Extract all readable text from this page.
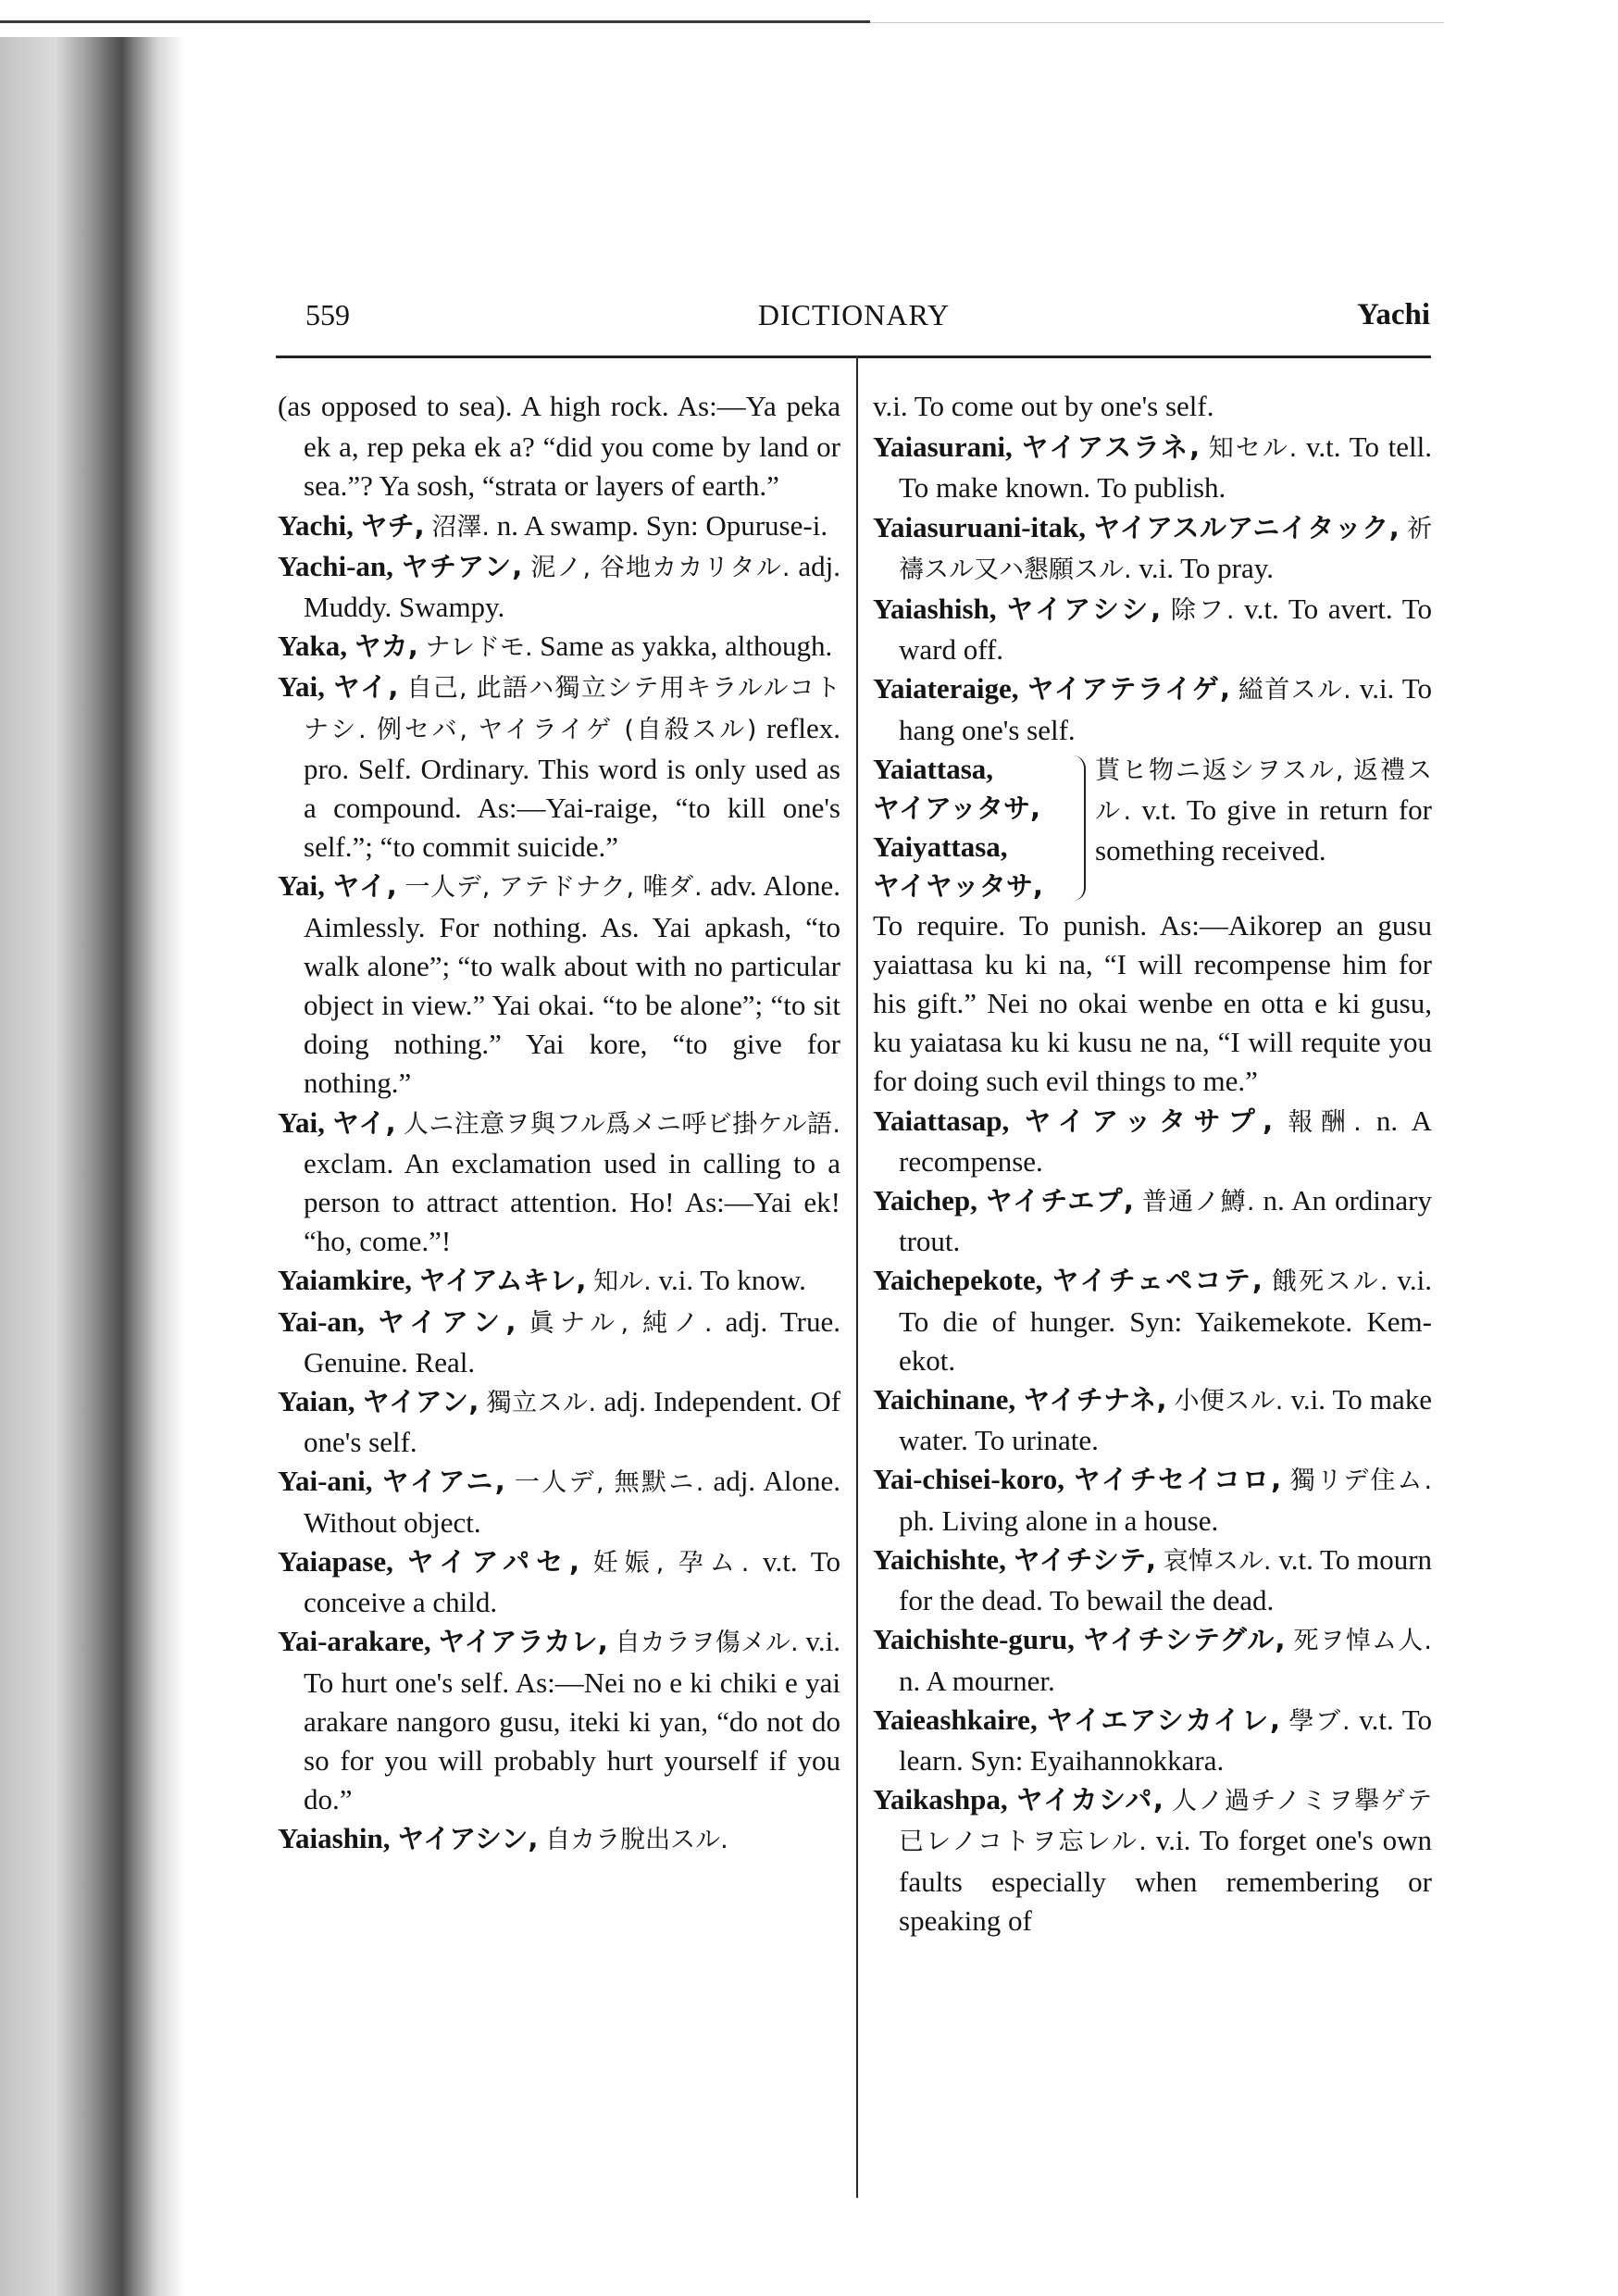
559	DICTIONARY	Yachi

(as opposed to sea). A high rock. As:—Ya peka ek a, rep peka ek a? “did you come by land or sea.”? Ya sosh, “strata or layers of earth.”

Yachi, ヤチ, 沼澤. n. A swamp. Syn: Opuruse-i.

Yachi-an, ヤチアン, 泥ノ, 谷地カカリタル. adj. Muddy. Swampy.

Yaka, ヤカ, ナレドモ. Same as yakka, although.

Yai, ヤイ, 自己, 此語ハ獨立シテ用キラルルコトナシ. 例セバ, ヤイライゲ (自殺スル) reflex. pro. Self. Ordinary. This word is only used as a compound. As:—Yai-raige, “to kill one's self.”; “to commit suicide.”

Yai, ヤイ, 一人デ, アテドナク, 唯ダ. adv. Alone. Aimlessly. For nothing. As. Yai apkash, “to walk alone”; “to walk about with no particular object in view.” Yai okai. “to be alone”; “to sit doing nothing.” Yai kore, “to give for nothing.”

Yai, ヤイ, 人ニ注意ヲ與フル爲メニ呼ビ掛ケル語. exclam. An exclamation used in calling to a person to attract attention. Ho! As:—Yai ek! “ho, come.”!

Yaiamkire, ヤイアムキレ, 知ル. v.i. To know.

Yai-an, ヤイアン, 眞ナル, 純ノ. adj. True. Genuine. Real.

Yaian, ヤイアン, 獨立スル. adj. Independent. Of one's self.

Yai-ani, ヤイアニ, 一人デ, 無默ニ. adj. Alone. Without object.

Yaiapase, ヤイアパセ, 妊娠, 孕ム. v.t. To conceive a child.

Yai-arakare, ヤイアラカレ, 自カラヲ傷メル. v.i. To hurt one's self. As:—Nei no e ki chiki e yai arakare nangoro gusu, iteki ki yan, “do not do so for you will probably hurt yourself if you do.”

Yaiashin, ヤイアシン, 自カラ脫出スル.

v.i. To come out by one's self.

Yaiasurani, ヤイアスラネ, 知セル. v.t. To tell. To make known. To publish.

Yaiasuruani-itak, ヤイアスルアニイタック, 祈禱スル又ハ懇願スル. v.i. To pray.

Yaiashish, ヤイアシシ, 除フ. v.t. To avert. To ward off.

Yaiateraige, ヤイアテライゲ, 縊首スル. v.i. To hang one's self.

Yaiattasa,
ヤイアッタサ,
Yaiyattasa,
ヤイヤッタサ,
貰ヒ物ニ返シヲスル, 返禮スル. v.t. To give in return for something received.

To require. To punish. As:—Aikorep an gusu yaiattasa ku ki na, “I will recompense him for his gift.” Nei no okai wenbe en otta e ki gusu, ku yaiatasa ku ki kusu ne na, “I will requite you for doing such evil things to me.”

Yaiattasap, ヤイアッタサプ, 報酬. n. A recompense.

Yaichep, ヤイチエプ, 普通ノ鱒. n. An ordinary trout.

Yaichepekote, ヤイチェペコテ, 餓死スル. v.i. To die of hunger. Syn: Yaikemekote. Kem-ekot.

Yaichinane, ヤイチナネ, 小便スル. v.i. To make water. To urinate.

Yai-chisei-koro, ヤイチセイコロ, 獨リデ住ム. ph. Living alone in a house.

Yaichishte, ヤイチシテ, 哀悼スル. v.t. To mourn for the dead. To bewail the dead.

Yaichishte-guru, ヤイチシテグル, 死ヲ悼ム人. n. A mourner.

Yaieashkaire, ヤイエアシカイレ, 學ブ. v.t. To learn. Syn: Eyaihannokkara.

Yaikashpa, ヤイカシパ, 人ノ過チノミヲ擧ゲテ已レノコトヲ忘レル. v.i. To forget one's own faults especially when remembering or speaking of
